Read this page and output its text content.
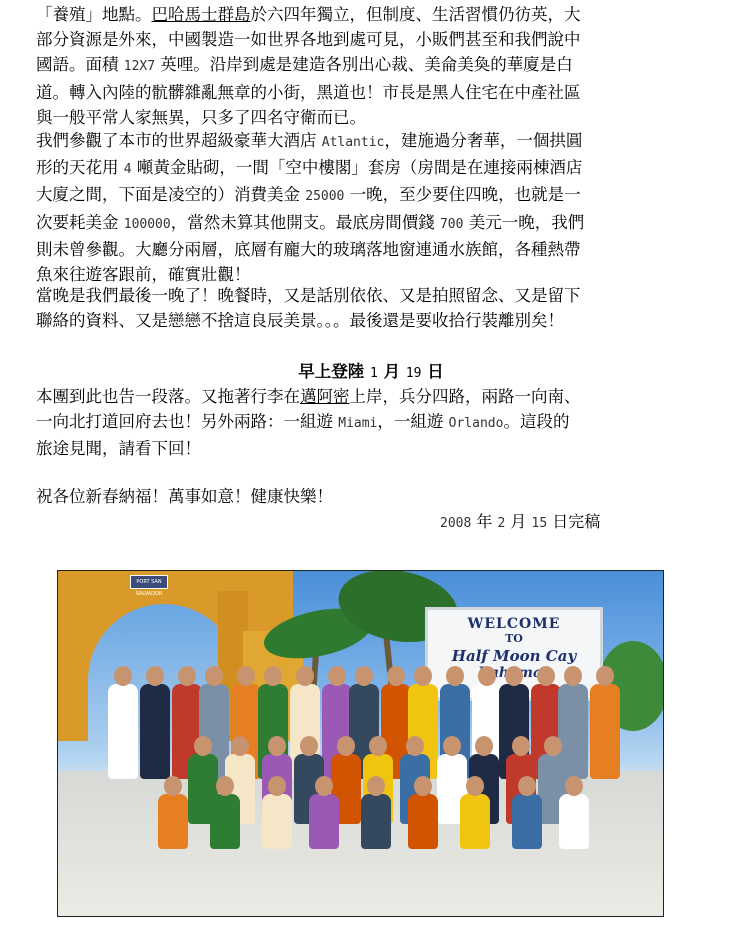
「養殖」地點。巴哈馬士群島於六四年獨立，但制度、生活習慣仍彷英，大
部分資源是外來，中國製造一如世界各地到處可見，小販們甚至和我們說中
國語。面積 12X7 英哩。沿岸到處是建造各別出心裁、美侖美奐的華廈是白
道。轉入內陸的骯髒雜亂無章的小街，黑道也！市長是黑人住宅在中產社區
與一般平常人家無異，只多了四名守衛而已。

我們參觀了本市的世界超級豪華大酒店 Atlantic，建施過分奢華，一個拱圓
形的天花用 4 噸黃金貼砌，一間「空中樓閣」套房（房間是在連接兩棟酒店
大廈之間，下面是凌空的）消費美金 25000 一晚，至少要住四晚，也就是一
次要耗美金 100000，當然未算其他開支。最底房間價錢 700 美元一晚，我們
則未曾參觀。大廳分兩層，底層有龐大的玻璃落地窗連通水族館，各種熱帶
魚來往遊客跟前，確實壯觀！

當晚是我們最後一晚了！晚餐時，又是話別依依、又是拍照留念、又是留下
聯絡的資料、又是戀戀不捨這良辰美景。。。最後還是要收拾行裝離別矣！

早上登陸 1 月 19 日

本團到此也告一段落。又拖著行李在邁阿密上岸，兵分四路，兩路一向南、
一向北打道回府去也！另外兩路：一組遊 Miami，一組遊 Orlando。這段的
旅途見聞，請看下回！

祝各位新春納福！萬事如意！健康快樂！

2008 年 2 月 15 日完稿
PORT SAN SALVADOR
WELCOME
TO
Half Moon Cay
